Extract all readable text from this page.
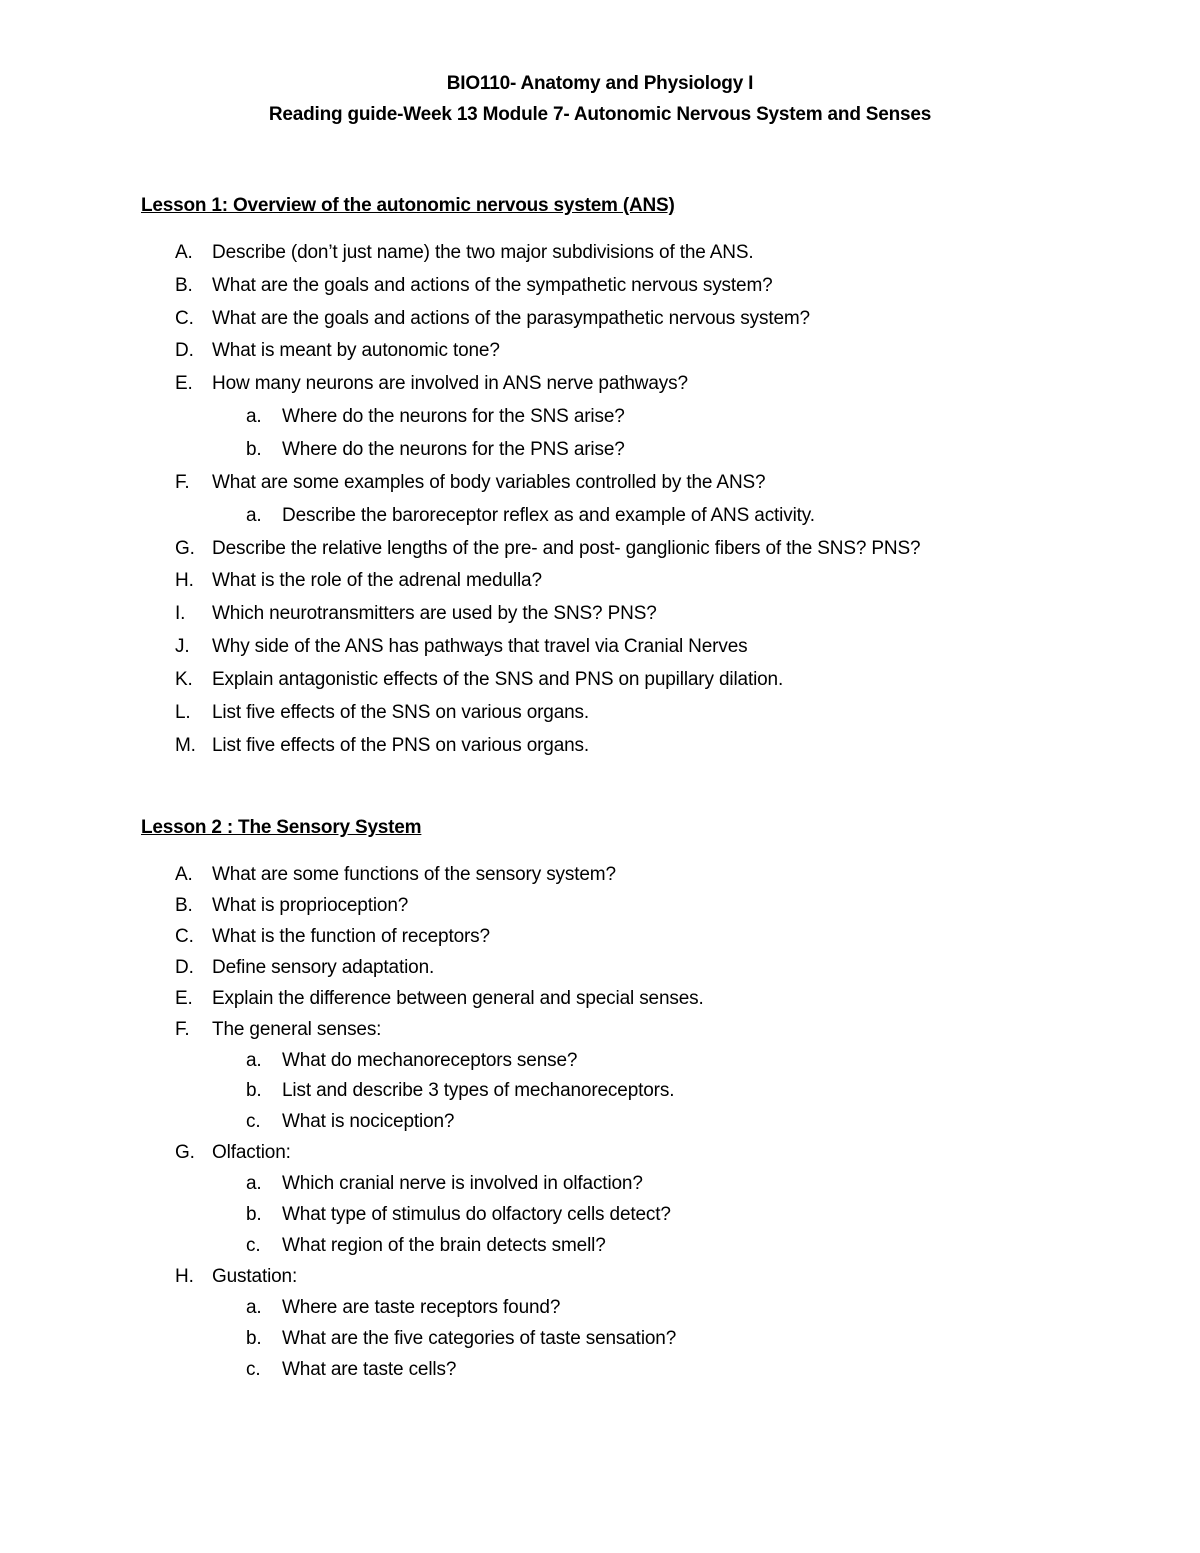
BIO110- Anatomy and Physiology I
Reading guide-Week 13 Module 7- Autonomic Nervous System and Senses
Lesson 1: Overview of the autonomic nervous system (ANS)
A. Describe (don’t just name) the two major subdivisions of the ANS.
B. What are the goals and actions of the sympathetic nervous system?
C. What are the goals and actions of the parasympathetic nervous system?
D. What is meant by autonomic tone?
E. How many neurons are involved in ANS nerve pathways?
a. Where do the neurons for the SNS arise?
b. Where do the neurons for the PNS arise?
F. What are some examples of body variables controlled by the ANS?
a. Describe the baroreceptor reflex as and example of ANS activity.
G. Describe the relative lengths of the pre- and post- ganglionic fibers of the SNS? PNS?
H. What is the role of the adrenal medulla?
I. Which neurotransmitters are used by the SNS? PNS?
J. Why side of the ANS has pathways that travel via Cranial Nerves
K. Explain antagonistic effects of the SNS and PNS on pupillary dilation.
L. List five effects of the SNS on various organs.
M. List five effects of the PNS on various organs.
Lesson 2 : The Sensory System
A. What are some functions of the sensory system?
B. What is proprioception?
C. What is the function of receptors?
D. Define sensory adaptation.
E. Explain the difference between general and special senses.
F. The general senses:
a. What do mechanoreceptors sense?
b. List and describe 3 types of mechanoreceptors.
c. What is nociception?
G. Olfaction:
a. Which cranial nerve is involved in olfaction?
b. What type of stimulus do olfactory cells detect?
c. What region of the brain detects smell?
H. Gustation:
a. Where are taste receptors found?
b. What are the five categories of taste sensation?
c. What are taste cells?
